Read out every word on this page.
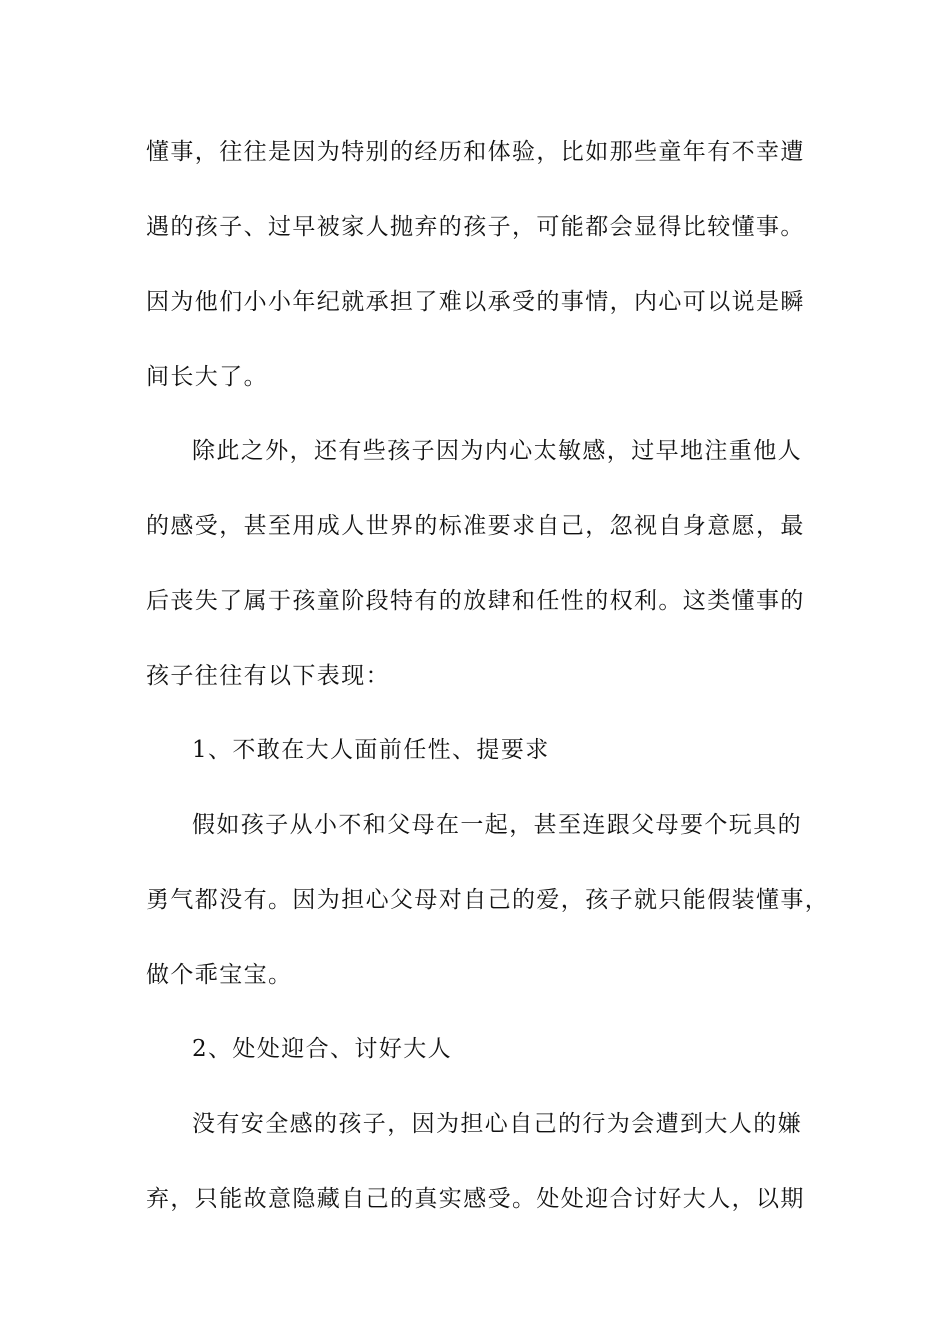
懂事，往往是因为特别的经历和体验，比如那些童年有不幸遭
遇的孩子、过早被家人抛弃的孩子，可能都会显得比较懂事。
因为他们小小年纪就承担了难以承受的事情，内心可以说是瞬
间长大了。
除此之外，还有些孩子因为内心太敏感，过早地注重他人
的感受，甚至用成人世界的标准要求自己，忽视自身意愿，最
后丧失了属于孩童阶段特有的放肆和任性的权利。这类懂事的
孩子往往有以下表现：
1、不敢在大人面前任性、提要求
假如孩子从小不和父母在一起，甚至连跟父母要个玩具的
勇气都没有。因为担心父母对自己的爱，孩子就只能假装懂事，
做个乖宝宝。
2、处处迎合、讨好大人
没有安全感的孩子，因为担心自己的行为会遭到大人的嫌
弃，只能故意隐藏自己的真实感受。处处迎合讨好大人，以期
